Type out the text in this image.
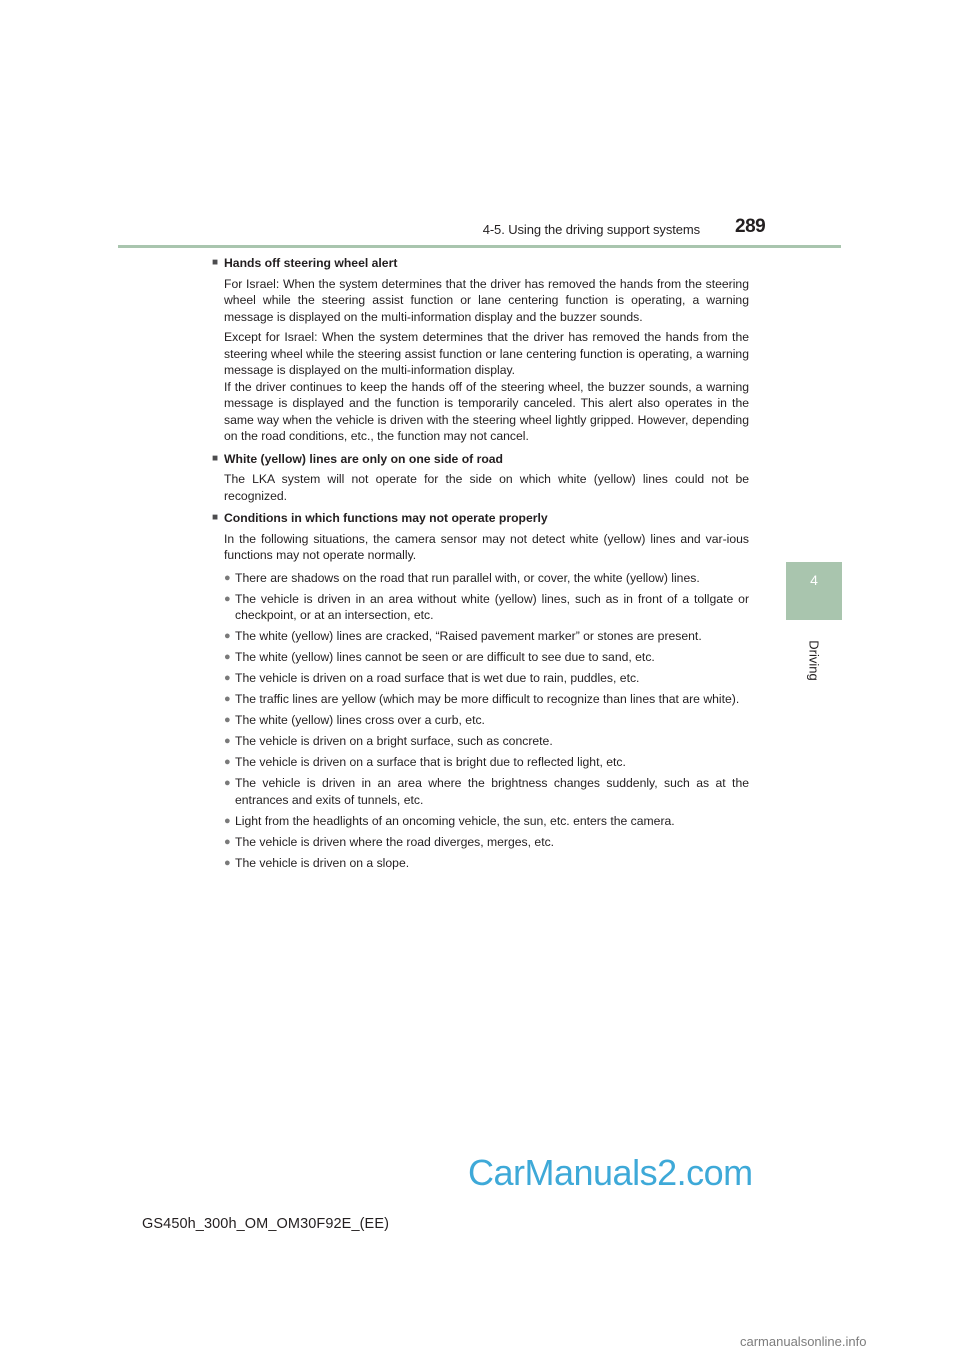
4-5. Using the driving support systems 289
4
Driving
■ Hands off steering wheel alert
For Israel: When the system determines that the driver has removed the hands from the steering wheel while the steering assist function or lane centering function is operating, a warning message is displayed on the multi-information display and the buzzer sounds.
Except for Israel: When the system determines that the driver has removed the hands from the steering wheel while the steering assist function or lane centering function is operating, a warning message is displayed on the multi-information display.
If the driver continues to keep the hands off of the steering wheel, the buzzer sounds, a warning message is displayed and the function is temporarily canceled. This alert also operates in the same way when the vehicle is driven with the steering wheel lightly gripped. However, depending on the road conditions, etc., the function may not cancel.
■ White (yellow) lines are only on one side of road
The LKA system will not operate for the side on which white (yellow) lines could not be recognized.
■ Conditions in which functions may not operate properly
In the following situations, the camera sensor may not detect white (yellow) lines and var-ious functions may not operate normally.
● There are shadows on the road that run parallel with, or cover, the white (yellow) lines.
● The vehicle is driven in an area without white (yellow) lines, such as in front of a tollgate or checkpoint, or at an intersection, etc.
● The white (yellow) lines are cracked, “Raised pavement marker” or stones are present.
● The white (yellow) lines cannot be seen or are difficult to see due to sand, etc.
● The vehicle is driven on a road surface that is wet due to rain, puddles, etc.
● The traffic lines are yellow (which may be more difficult to recognize than lines that are white).
● The white (yellow) lines cross over a curb, etc.
● The vehicle is driven on a bright surface, such as concrete.
● The vehicle is driven on a surface that is bright due to reflected light, etc.
● The vehicle is driven in an area where the brightness changes suddenly, such as at the entrances and exits of tunnels, etc.
● Light from the headlights of an oncoming vehicle, the sun, etc. enters the camera.
● The vehicle is driven where the road diverges, merges, etc.
● The vehicle is driven on a slope.
CarManuals2.com
GS450h_300h_OM_OM30F92E_(EE)
carmanualsonline.info
